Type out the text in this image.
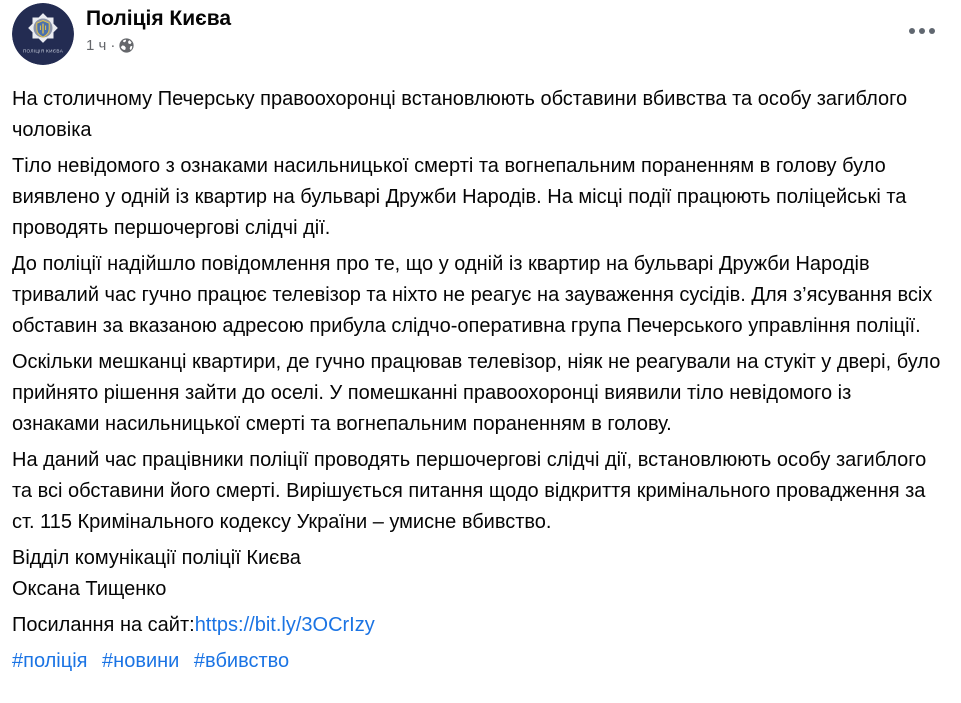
ПОЛІЦІЯ КИЄВА
Поліція Києва
1 ч ·

На столичному Печерську правоохоронці встановлюють обставини вбивства та особу загиблого чоловіка

Тіло невідомого з ознаками насильницької смерті та вогнепальним пораненням в голову було виявлено у одній із квартир на бульварі Дружби Народів. На місці події працюють поліцейські та проводять першочергові слідчі дії.

До поліції надійшло повідомлення про те, що у одній із квартир на бульварі Дружби Народів тривалий час гучно працює телевізор та ніхто не реагує на зауваження сусідів. Для з’ясування всіх обставин за вказаною адресою прибула слідчо-оперативна група Печерського управління поліції.

Оскільки мешканці квартири, де гучно працював телевізор, ніяк не реагували на стукіт у двері, було прийнято рішення зайти до оселі. У помешканні правоохоронці виявили тіло невідомого із ознаками насильницької смерті та вогнепальним пораненням в голову.

На даний час працівники поліції проводять першочергові слідчі дії, встановлюють особу загиблого та всі обставини його смерті. Вирішується питання щодо відкриття кримінального провадження за ст. 115 Кримінального кодексу України – умисне вбивство.

Відділ комунікації поліції Києва
Оксана Тищенко

Посилання на сайт:https://bit.ly/3OCrIzy

#поліція #новини #вбивство
